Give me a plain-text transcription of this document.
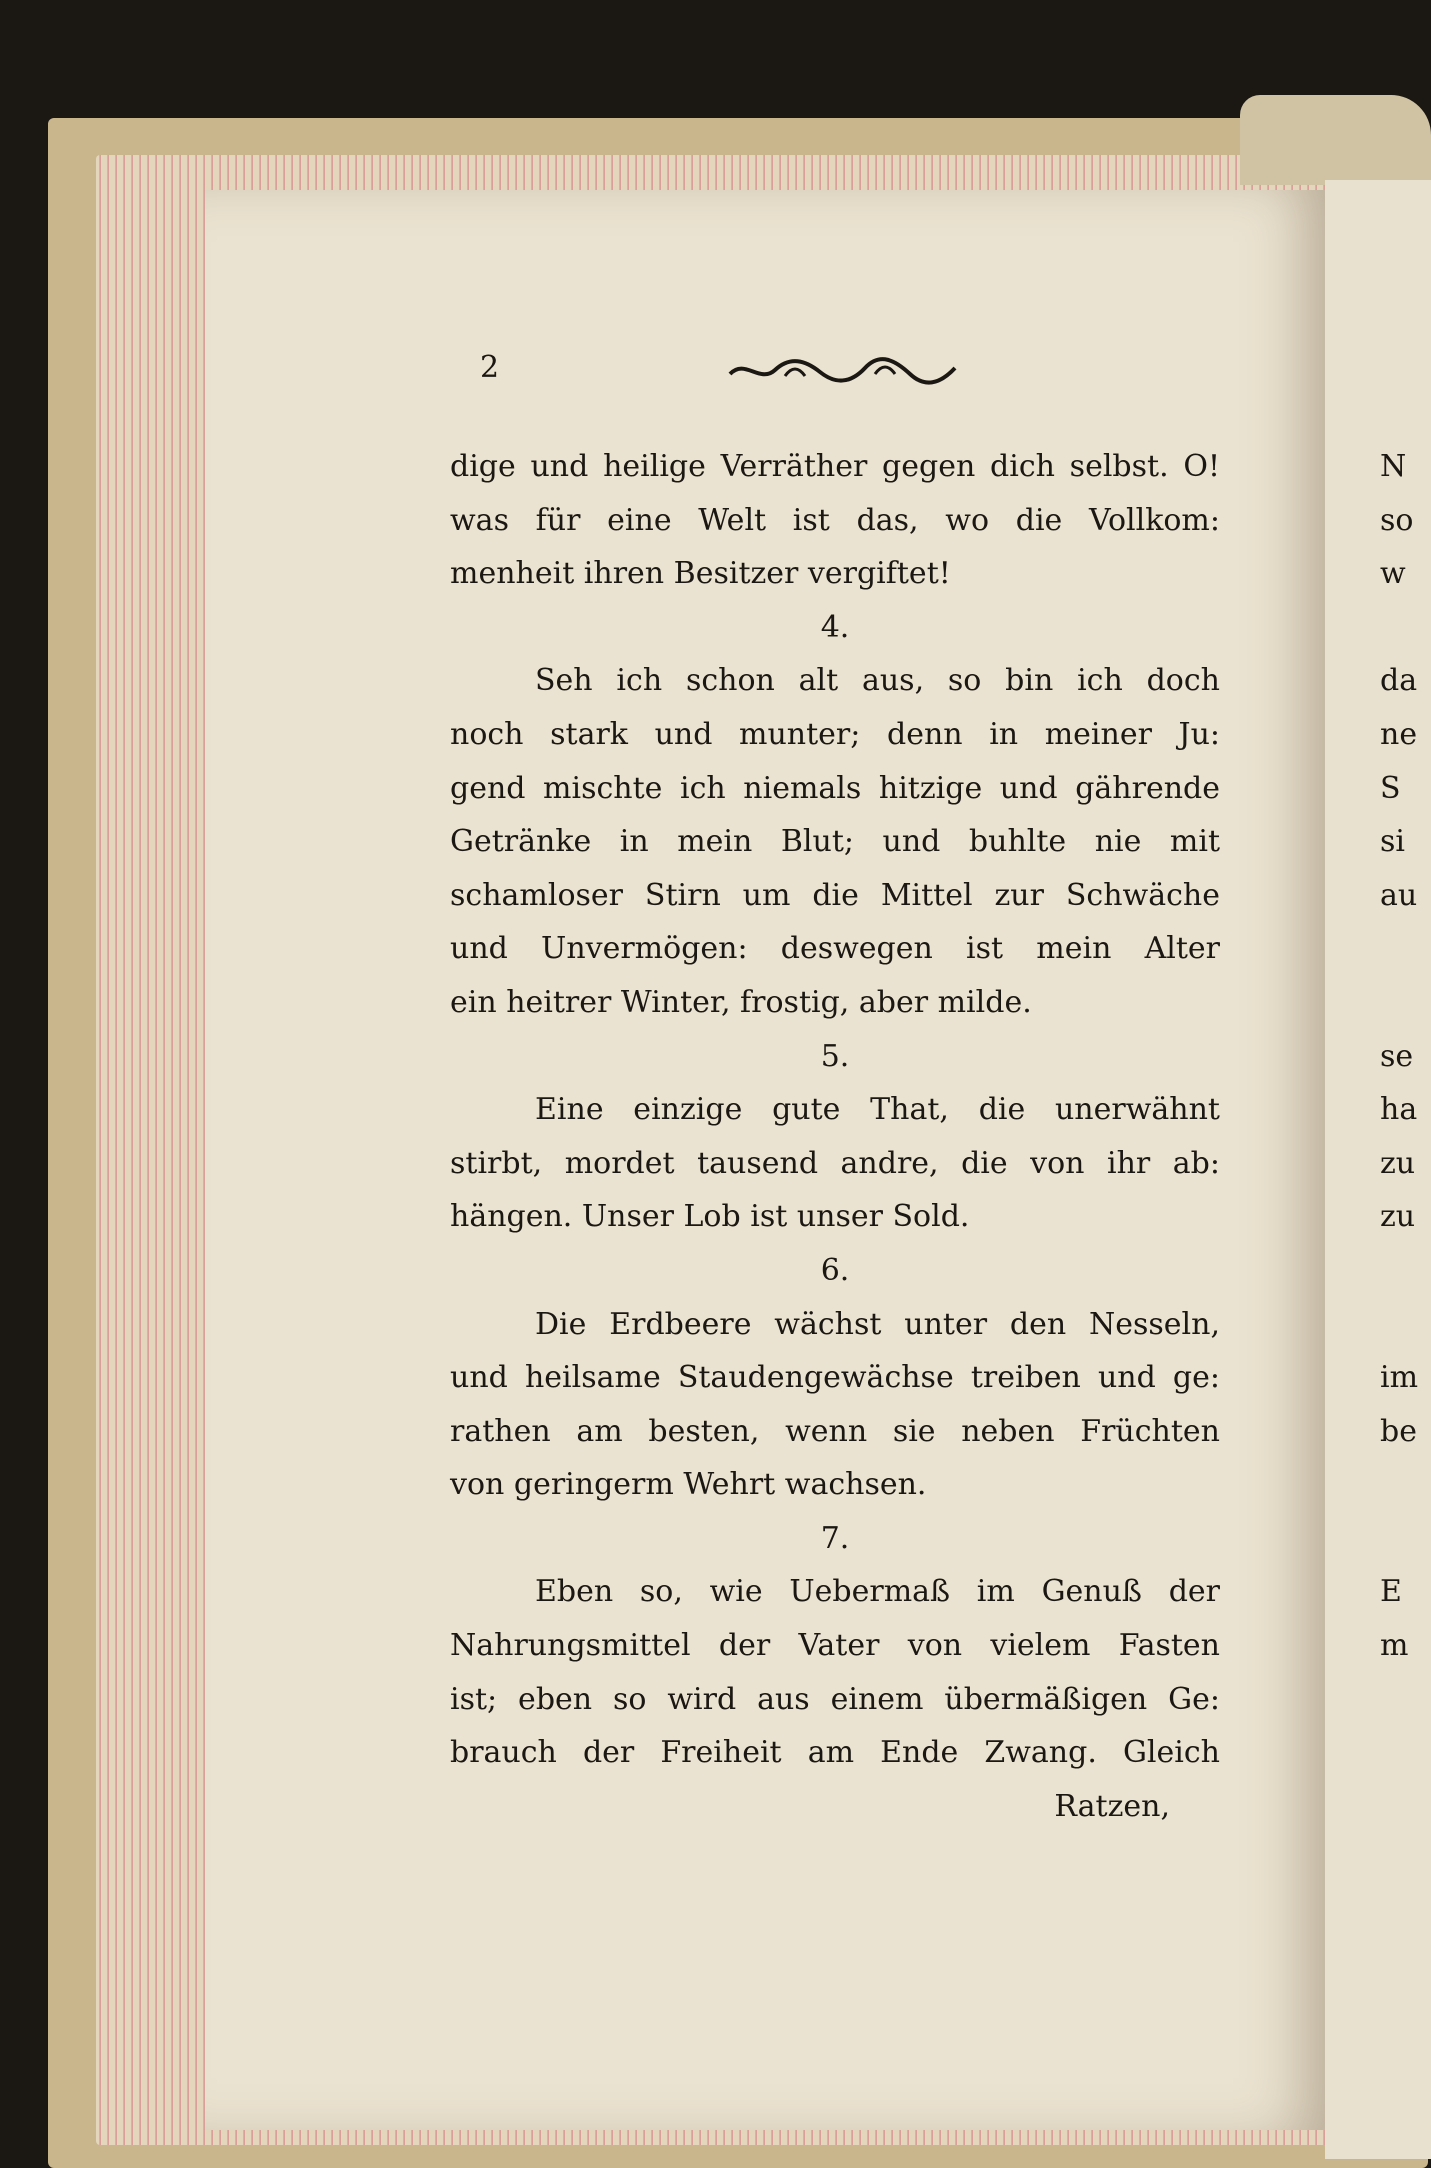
2
dige und heilige Verräther gegen dich selbst. O!
was für eine Welt ist das, wo die Vollkom:
menheit ihren Besitzer vergiftet!
4.
Seh ich schon alt aus, so bin ich doch
noch stark und munter; denn in meiner Ju:
gend mischte ich niemals hitzige und gährende
Getränke in mein Blut; und buhlte nie mit
schamloser Stirn um die Mittel zur Schwäche
und Unvermögen: deswegen ist mein Alter
ein heitrer Winter, frostig, aber milde.
5.
Eine einzige gute That, die unerwähnt
stirbt, mordet tausend andre, die von ihr ab:
hängen. Unser Lob ist unser Sold.
6.
Die Erdbeere wächst unter den Nesseln,
und heilsame Staudengewächse treiben und ge:
rathen am besten, wenn sie neben Früchten
von geringerm Wehrt wachsen.
7.
Eben so, wie Uebermaß im Genuß der
Nahrungsmittel der Vater von vielem Fasten
ist; eben so wird aus einem übermäßigen Ge:
brauch der Freiheit am Ende Zwang. Gleich
Ratzen,
N
so
w
da
ne
S
si
au
se
ha
zu
zu
im
be
E
m
